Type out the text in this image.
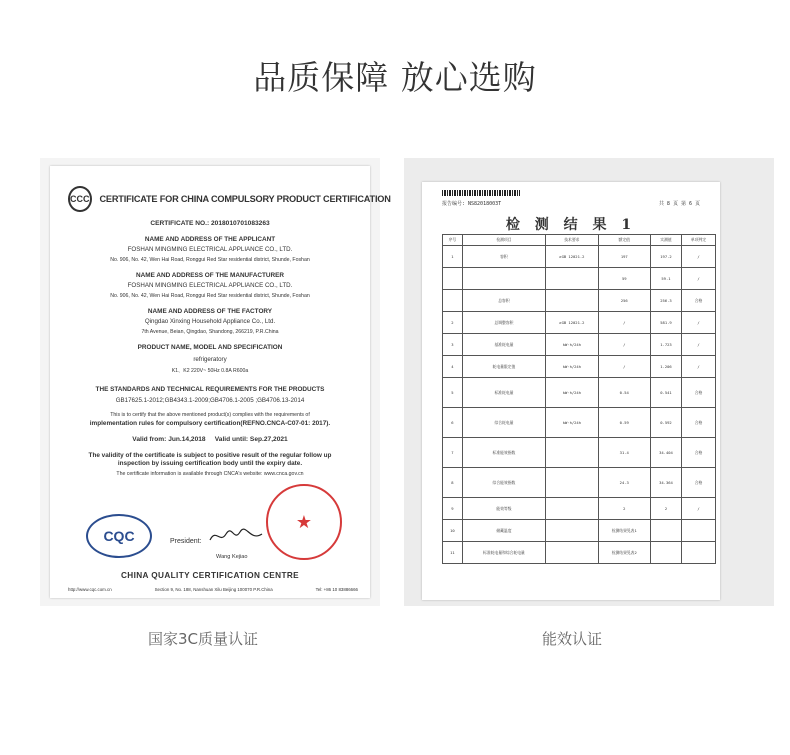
品质保障 放心选购
CCC CERTIFICATE FOR CHINA COMPULSORY PRODUCT CERTIFICATION
CERTIFICATE NO.: 2018010701083263
NAME AND ADDRESS OF THE APPLICANT
FOSHAN MINGMING ELECTRICAL APPLIANCE CO., LTD.
No. 906, No. 42, Wen Hai Road, Ronggui Red Star residential district, Shunde, Foshan
NAME AND ADDRESS OF THE MANUFACTURER
FOSHAN MINGMING ELECTRICAL APPLIANCE CO., LTD.
No. 906, No. 42, Wen Hai Road, Ronggui Red Star residential district, Shunde, Foshan
NAME AND ADDRESS OF THE FACTORY
Qingdao Xinxing Household Appliance Co., Ltd.
7th Avenue, Beian, Qingdao, Shandong, 266219, P.R.China
PRODUCT NAME, MODEL AND SPECIFICATION
refrigeratory
K1、K2 220V~ 50Hz 0.8A R600a
THE STANDARDS AND TECHNICAL REQUIREMENTS FOR THE PRODUCTS
GB17625.1-2012;GB4343.1-2009;GB4706.1-2005 ;GB4706.13-2014
This is to certify that the above mentioned product(s) complies with the requirements of
implementation rules for compulsory certification(REFNO.CNCA-C07-01: 2017).
Valid from: Jun.14,2018 Valid until: Sep.27,2021
The validity of the certificate is subject to positive result of the regular follow up
inspection by issuing certification body until the expiry date.
The certificate information is available through CNCA's website: www.cnca.gov.cn
CQC	President:
Wang Kejiao
★
CHINA QUALITY CERTIFICATION CENTRE
http://www.cqc.com.cn	Section 9, No. 188, Nanshuan Xilu Beijing 100070 P.R.China	Tel: +86 10 83886666
报告编号: NS82018003T	共 8 页 第 6 页
检 测 结 果 1
序号	检测项目	技术要求	额定值	实测值	单项判定
1	容积	≥GB 12021.2	197	197.2	/
			59	59.1	/
	总容积		256	256.3	合格
2	总调整容积	≥GB 12021.2	/	581.9	/
3	基准耗电量	kW·h/24h	/	1.723	/
4	耗电量限定值	kW·h/24h	/	1.206	/
5	标准耗电量	kW·h/24h	0.54	0.541	合格
6	综合耗电量	kW·h/24h	0.59	0.592	合格
7	标准能效指数		31.4	34.404	合格
8	综合能效指数		24.3	34.364	合格
9	能效等级		2	2	/
10	储藏温度		检测结果见表1		
11	标准耗电量和综合耗电量		检测结果见表2		
国家3C质量认证	能效认证
